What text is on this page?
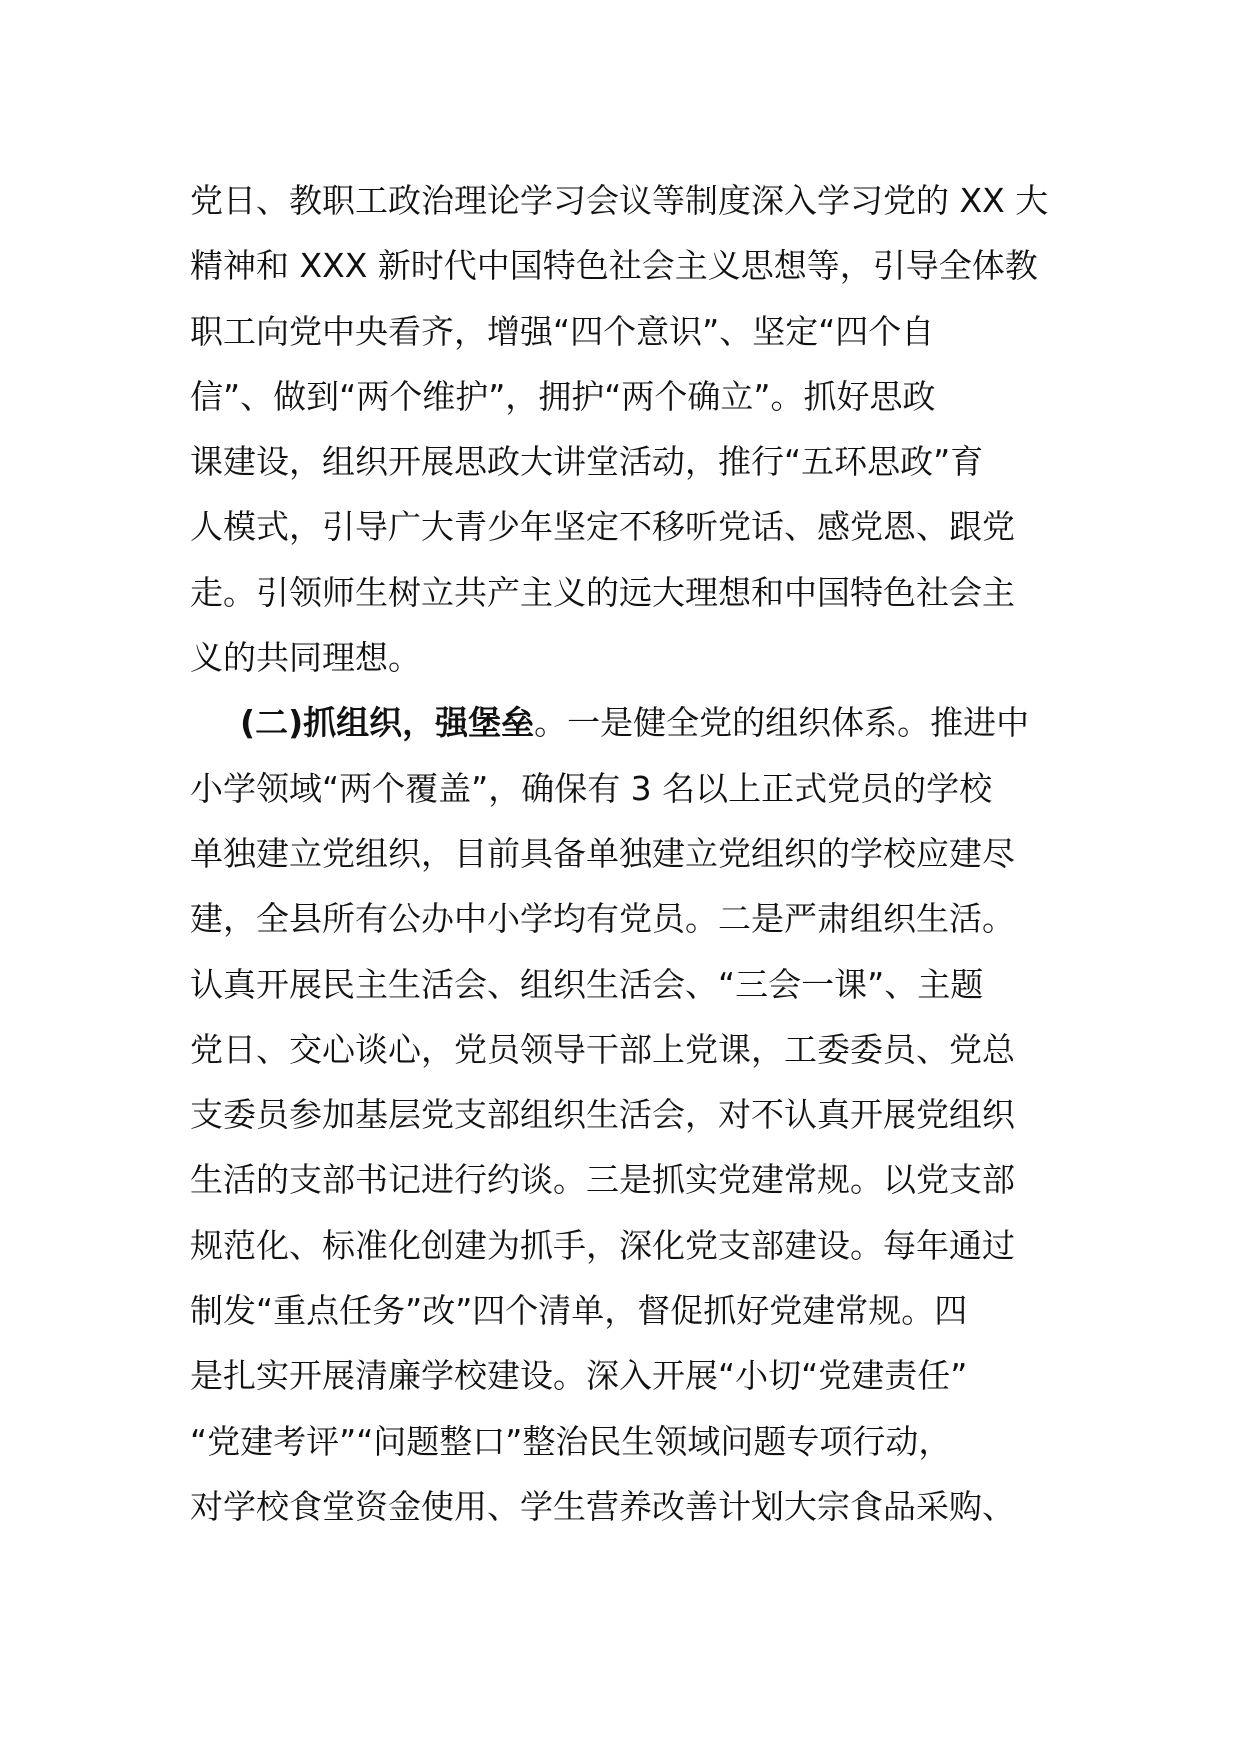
党日、教职工政治理论学习会议等制度深入学习党的 XX 大
精神和 XXX 新时代中国特色社会主义思想等，引导全体教
职工向党中央看齐，增强“四个意识”、坚定“四个自
信”、做到“两个维护”，拥护“两个确立”。抓好思政
课建设，组织开展思政大讲堂活动，推行“五环思政”育
人模式，引导广大青少年坚定不移听党话、感党恩、跟党
走。引领师生树立共产主义的远大理想和中国特色社会主
义的共同理想。
(二)抓组织，强堡垒。一是健全党的组织体系。推进中
小学领域“两个覆盖”，确保有 3 名以上正式党员的学校
单独建立党组织，目前具备单独建立党组织的学校应建尽
建，全县所有公办中小学均有党员。二是严肃组织生活。
认真开展民主生活会、组织生活会、“三会一课”、主题
党日、交心谈心，党员领导干部上党课，工委委员、党总
支委员参加基层党支部组织生活会，对不认真开展党组织
生活的支部书记进行约谈。三是抓实党建常规。以党支部
规范化、标准化创建为抓手，深化党支部建设。每年通过
制发“重点任务”改”四个清单，督促抓好党建常规。四
是扎实开展清廉学校建设。深入开展“小切“党建责任”
“党建考评”“问题整口”整治民生领域问题专项行动，
对学校食堂资金使用、学生营养改善计划大宗食品采购、
